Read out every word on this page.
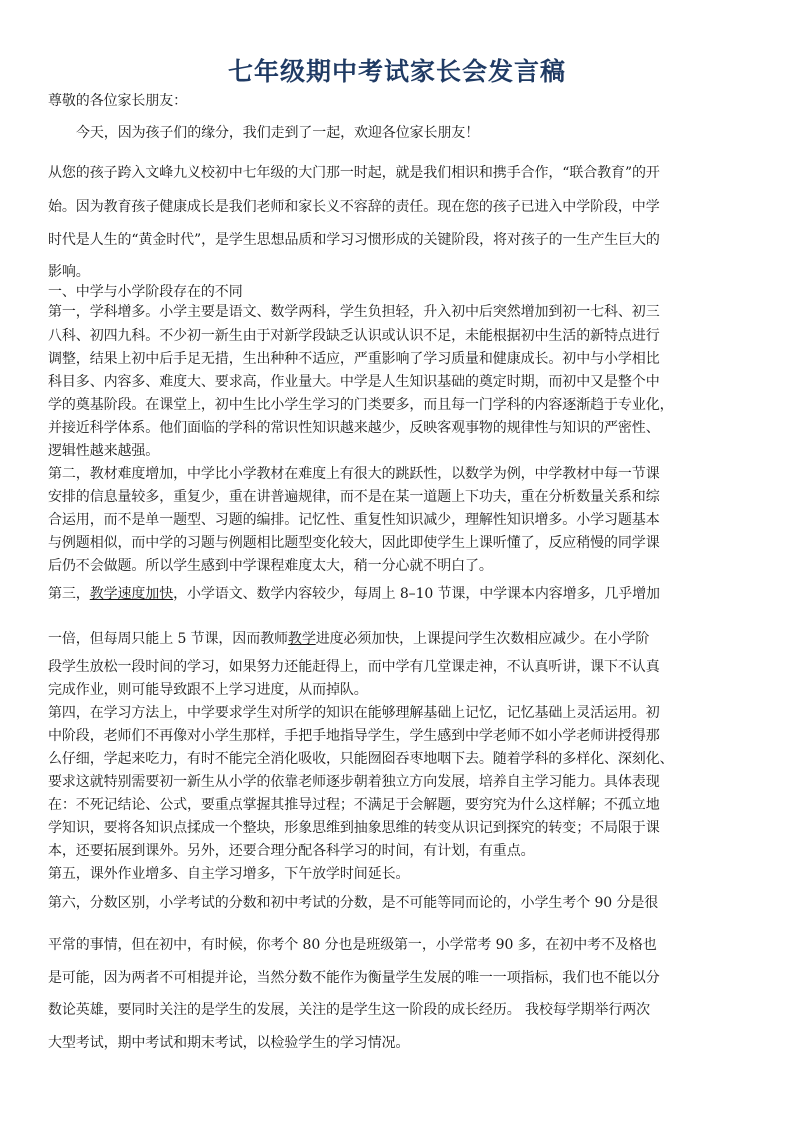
七年级期中考试家长会发言稿
尊敬的各位家长朋友：
今天，因为孩子们的缘分，我们走到了一起，欢迎各位家长朋友！
从您的孩子跨入文峰九义校初中七年级的大门那一时起，就是我们相识和携手合作，“联合教育”的开
始。因为教育孩子健康成长是我们老师和家长义不容辞的责任。现在您的孩子已进入中学阶段，中学
时代是人生的“黄金时代”，是学生思想品质和学习习惯形成的关键阶段，将对孩子的一生产生巨大的
影响。
一、中学与小学阶段存在的不同
第一，学科增多。小学主要是语文、数学两科，学生负担轻，升入初中后突然增加到初一七科、初三
八科、初四九科。不少初一新生由于对新学段缺乏认识或认识不足，未能根据初中生活的新特点进行
调整，结果上初中后手足无措，生出种种不适应，严重影响了学习质量和健康成长。初中与小学相比
科目多、内容多、难度大、要求高，作业量大。中学是人生知识基础的奠定时期，而初中又是整个中
学的奠基阶段。在课堂上，初中生比小学生学习的门类要多，而且每一门学科的内容逐渐趋于专业化，
并接近科学体系。他们面临的学科的常识性知识越来越少，反映客观事物的规律性与知识的严密性、
逻辑性越来越强。
第二，教材难度增加，中学比小学教材在难度上有很大的跳跃性，以数学为例，中学教材中每一节课
安排的信息量较多，重复少，重在讲普遍规律，而不是在某一道题上下功夫，重在分析数量关系和综
合运用，而不是单一题型、习题的编排。记忆性、重复性知识减少，理解性知识增多。小学习题基本
与例题相似，而中学的习题与例题相比题型变化较大，因此即使学生上课听懂了，反应稍慢的同学课
后仍不会做题。所以学生感到中学课程难度太大，稍一分心就不明白了。
第三，教学速度加快，小学语文、数学内容较少，每周上 8–10 节课，中学课本内容增多，几乎增加
一倍，但每周只能上 5 节课，因而教师教学进度必须加快，上课提问学生次数相应减少。在小学阶
段学生放松一段时间的学习，如果努力还能赶得上，而中学有几堂课走神，不认真听讲，课下不认真
完成作业，则可能导致跟不上学习进度，从而掉队。
第四，在学习方法上，中学要求学生对所学的知识在能够理解基础上记忆，记忆基础上灵活运用。初
中阶段，老师们不再像对小学生那样，手把手地指导学生，学生感到中学老师不如小学老师讲授得那
么仔细，学起来吃力，有时不能完全消化吸收，只能囫囵吞枣地咽下去。随着学科的多样化、深刻化、
要求这就特别需要初一新生从小学的依靠老师逐步朝着独立方向发展，培养自主学习能力。具体表现
在：不死记结论、公式，要重点掌握其推导过程；不满足于会解题，要穷究为什么这样解；不孤立地
学知识，要将各知识点揉成一个整块，形象思维到抽象思维的转变从识记到探究的转变；不局限于课
本，还要拓展到课外。另外，还要合理分配各科学习的时间，有计划，有重点。
第五，课外作业增多、自主学习增多，下午放学时间延长。
第六，分数区别，小学考试的分数和初中考试的分数，是不可能等同而论的，小学生考个 90 分是很
平常的事情，但在初中，有时候，你考个 80 分也是班级第一，小学常考 90 多，在初中考不及格也
是可能，因为两者不可相提并论，当然分数不能作为衡量学生发展的唯一一项指标，我们也不能以分
数论英雄，要同时关注的是学生的发展，关注的是学生这一阶段的成长经历。 我校每学期举行两次
大型考试，期中考试和期末考试，以检验学生的学习情况。
